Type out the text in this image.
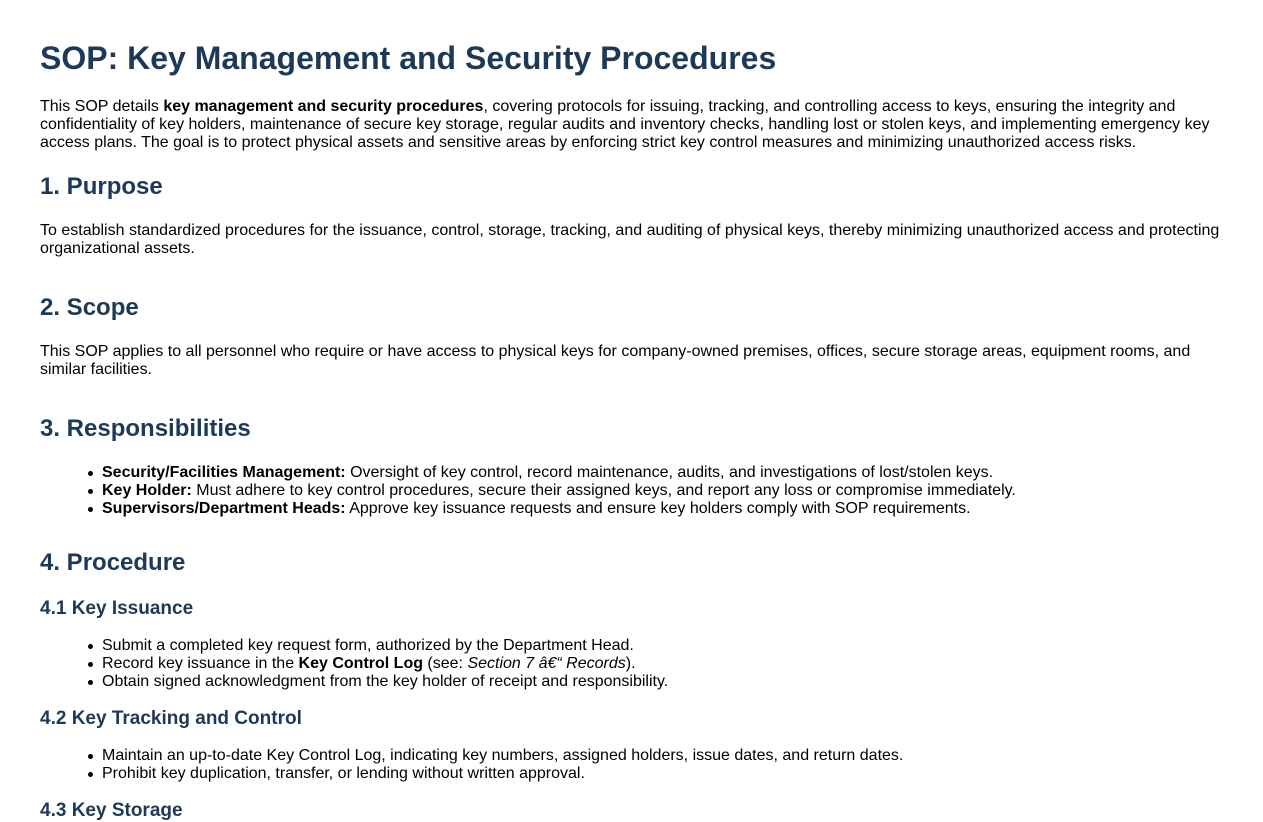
SOP: Key Management and Security Procedures

This SOP details key management and security procedures, covering protocols for issuing, tracking, and controlling access to keys, ensuring the integrity and confidentiality of key holders, maintenance of secure key storage, regular audits and inventory checks, handling lost or stolen keys, and implementing emergency key access plans. The goal is to protect physical assets and sensitive areas by enforcing strict key control measures and minimizing unauthorized access risks.

1. Purpose

To establish standardized procedures for the issuance, control, storage, tracking, and auditing of physical keys, thereby minimizing unauthorized access and protecting organizational assets.

2. Scope

This SOP applies to all personnel who require or have access to physical keys for company-owned premises, offices, secure storage areas, equipment rooms, and similar facilities.

3. Responsibilities
Security/Facilities Management: Oversight of key control, record maintenance, audits, and investigations of lost/stolen keys.
Key Holder: Must adhere to key control procedures, secure their assigned keys, and report any loss or compromise immediately.
Supervisors/Department Heads: Approve key issuance requests and ensure key holders comply with SOP requirements.
4. Procedure
4.1 Key Issuance
Submit a completed key request form, authorized by the Department Head.
Record key issuance in the Key Control Log (see: Section 7 â€“ Records).
Obtain signed acknowledgment from the key holder of receipt and responsibility.
4.2 Key Tracking and Control
Maintain an up-to-date Key Control Log, indicating key numbers, assigned holders, issue dates, and return dates.
Prohibit key duplication, transfer, or lending without written approval.
4.3 Key Storage
